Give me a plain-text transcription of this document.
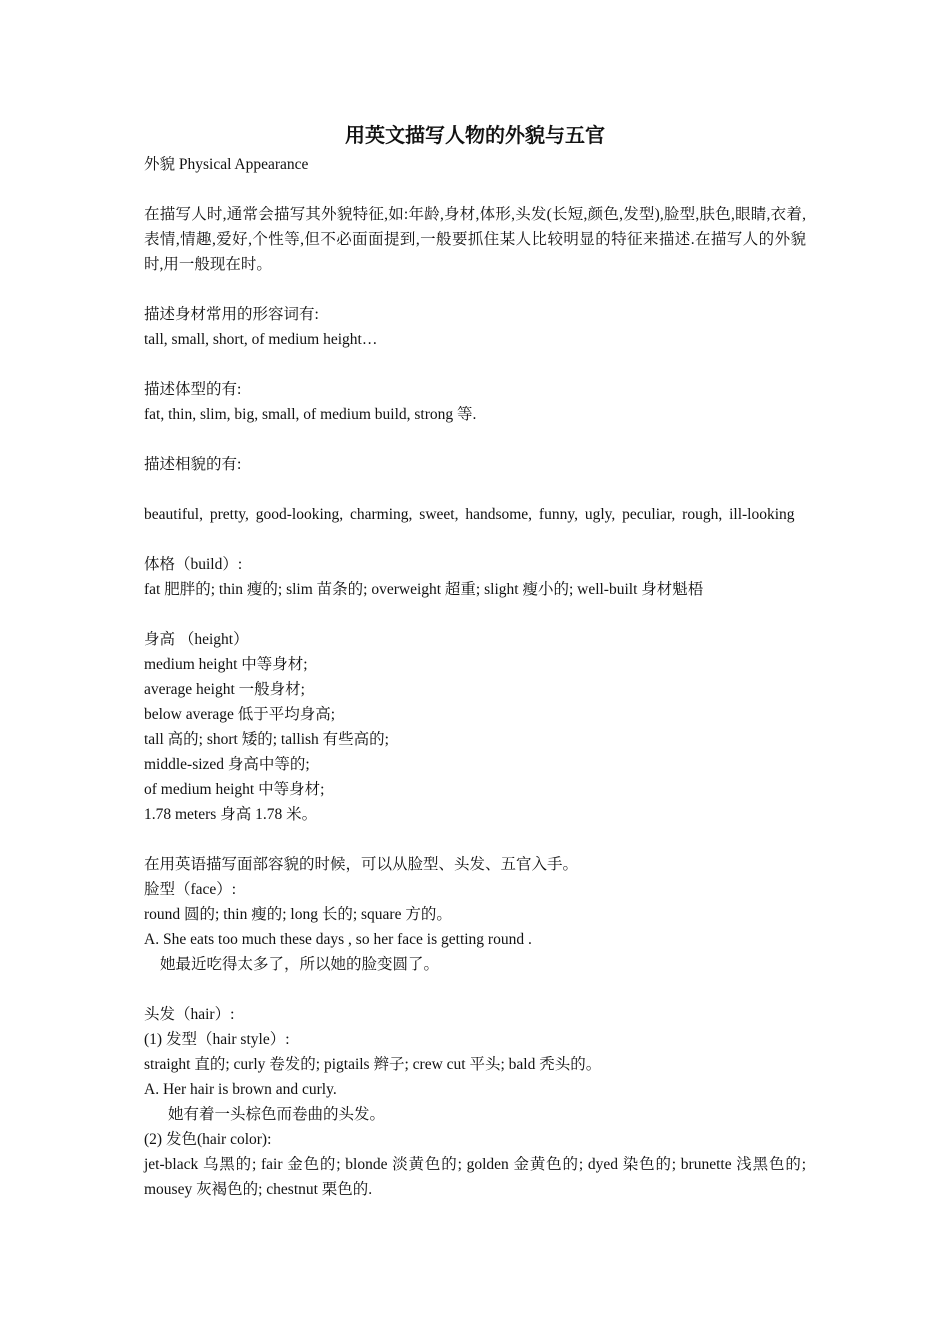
用英文描写人物的外貌与五官

外貌 Physical Appearance

在描写人时,通常会描写其外貌特征,如:年龄,身材,体形,头发(长短,颜色,发型),脸型,肤色,眼睛,衣着,表情,情趣,爱好,个性等,但不必面面提到,一般要抓住某人比较明显的特征来描述.在描写人的外貌时,用一般现在时。

描述身材常用的形容词有:

tall, small, short, of medium height…

描述体型的有:

fat, thin, slim, big, small, of medium build, strong 等.

描述相貌的有:

beautiful, pretty, good-looking, charming, sweet, handsome, funny, ugly, peculiar, rough, ill-looking

体格（build）:

fat 肥胖的; thin 瘦的; slim 苗条的; overweight 超重; slight 瘦小的; well-built 身材魁梧

身高 （height）

medium height 中等身材;

average height 一般身材;

below average 低于平均身高;

tall 高的; short 矮的; tallish 有些高的;

middle-sized 身高中等的;

of medium height 中等身材;

1.78 meters 身高 1.78 米。

在用英语描写面部容貌的时候，可以从脸型、头发、五官入手。

脸型（face）:

round 圆的; thin 瘦的; long 长的; square 方的。

A. She eats too much these days , so her face is getting round .

她最近吃得太多了，所以她的脸变圆了。

头发（hair）:

(1) 发型（hair style）:

straight 直的; curly 卷发的; pigtails 辫子; crew cut 平头; bald 秃头的。

A. Her hair is brown and curly.

她有着一头棕色而卷曲的头发。

(2) 发色(hair color):

jet-black 乌黑的; fair 金色的; blonde 淡黄色的; golden 金黄色的; dyed 染色的; brunette 浅黑色的; mousey 灰褐色的; chestnut 栗色的.
